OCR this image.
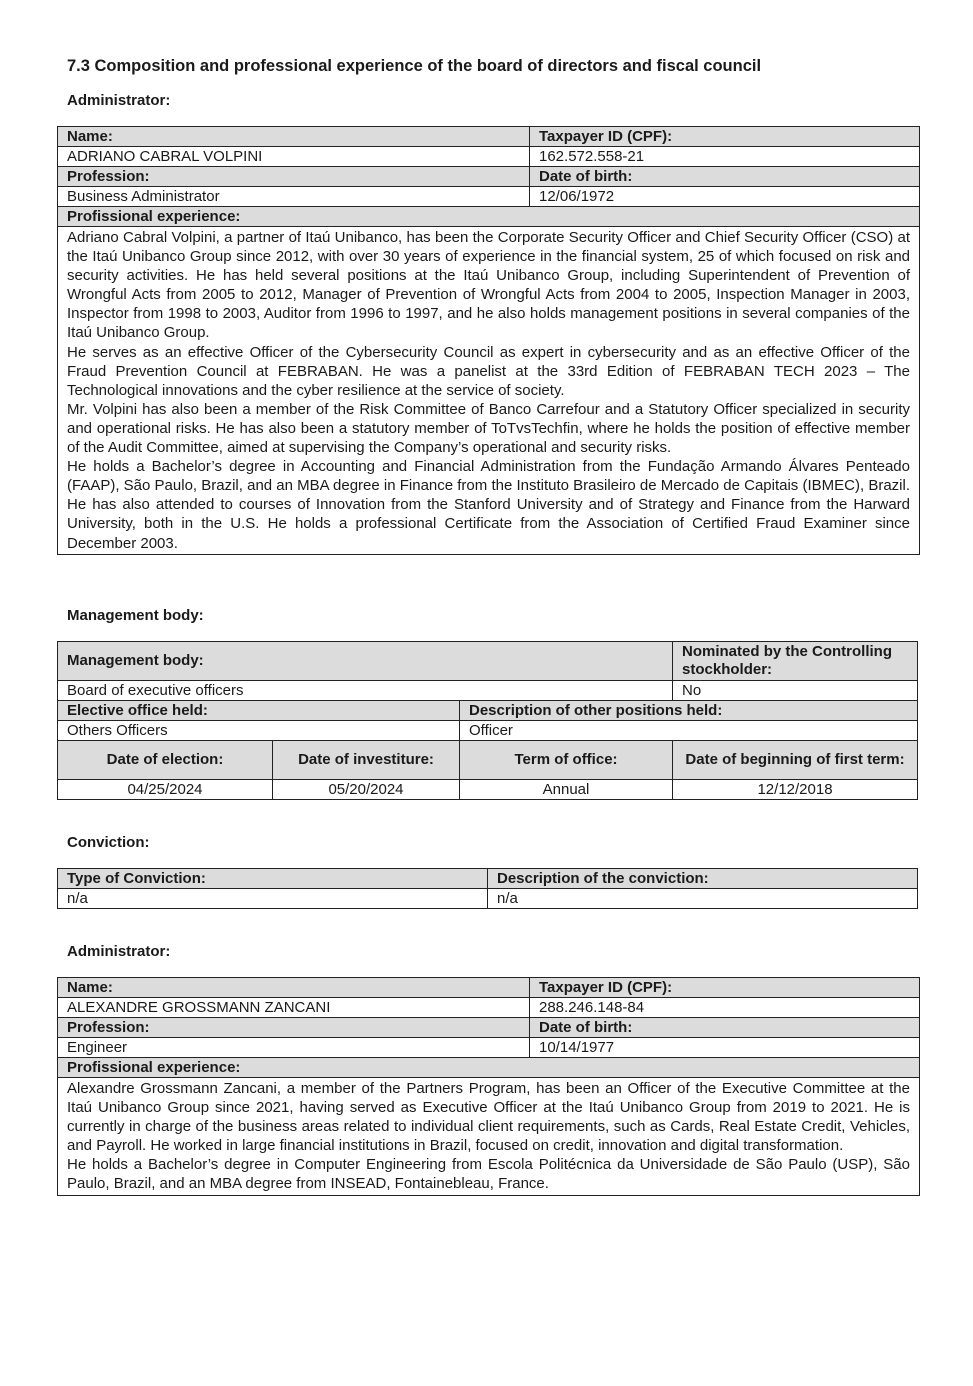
7.3 Composition and professional experience of the board of directors and fiscal council

Administrator:

Name:	Taxpayer ID (CPF):
ADRIANO CABRAL VOLPINI	162.572.558-21
Profession:	Date of birth:
Business Administrator	12/06/1972
Profissional experience:	

Adriano Cabral Volpini, a partner of Itaú Unibanco, has been the Corporate Security Officer and Chief Security Officer (CSO) at the Itaú Unibanco Group since 2012, with over 30 years of experience in the financial system, 25 of which focused on risk and security activities. He has held several positions at the Itaú Unibanco Group, including Superintendent of Prevention of Wrongful Acts from 2005 to 2012, Manager of Prevention of Wrongful Acts from 2004 to 2005, Inspection Manager in 2003, Inspector from 1998 to 2003, Auditor from 1996 to 1997, and he also holds management positions in several companies of the Itaú Unibanco Group.
He serves as an effective Officer of the Cybersecurity Council as expert in cybersecurity and as an effective Officer of the Fraud Prevention Council at FEBRABAN. He was a panelist at the 33rd Edition of FEBRABAN TECH 2023 – The Technological innovations and the cyber resilience at the service of society.
Mr. Volpini has also been a member of the Risk Committee of Banco Carrefour and a Statutory Officer specialized in security and operational risks. He has also been a statutory member of ToTvsTechfin, where he holds the position of effective member of the Audit Committee, aimed at supervising the Company’s operational and security risks.
He holds a Bachelor’s degree in Accounting and Financial Administration from the Fundação Armando Álvares Penteado (FAAP), São Paulo, Brazil, and an MBA degree in Finance from the Instituto Brasileiro de Mercado de Capitais (IBMEC), Brazil. He has also attended to courses of Innovation from the Stanford University and of Strategy and Finance from the Harward University, both in the U.S. He holds a professional Certificate from the Association of Certified Fraud Examiner since December 2003.	

Management body:

Management body:			Nominated by the Controlling stockholder:
Board of executive officers			No
Elective office held:		Description of other positions held:	
Others Officers		Officer	
Date of election:	Date of investiture:	Term of office:	Date of beginning of first term:
04/25/2024	05/20/2024	Annual	12/12/2018

Conviction:

Type of Conviction:	Description of the conviction:
n/a	n/a

Administrator:

Name:	Taxpayer ID (CPF):
ALEXANDRE GROSSMANN ZANCANI	288.246.148-84
Profession:	Date of birth:
Engineer	10/14/1977
Profissional experience:	

Alexandre Grossmann Zancani, a member of the Partners Program, has been an Officer of the Executive Committee at the Itaú Unibanco Group since 2021, having served as Executive Officer at the Itaú Unibanco Group from 2019 to 2021. He is currently in charge of the business areas related to individual client requirements, such as Cards, Real Estate Credit, Vehicles, and Payroll. He worked in large financial institutions in Brazil, focused on credit, innovation and digital transformation.
He holds a Bachelor’s degree in Computer Engineering from Escola Politécnica da Universidade de São Paulo (USP), São Paulo, Brazil, and an MBA degree from INSEAD, Fontainebleau, France.	
